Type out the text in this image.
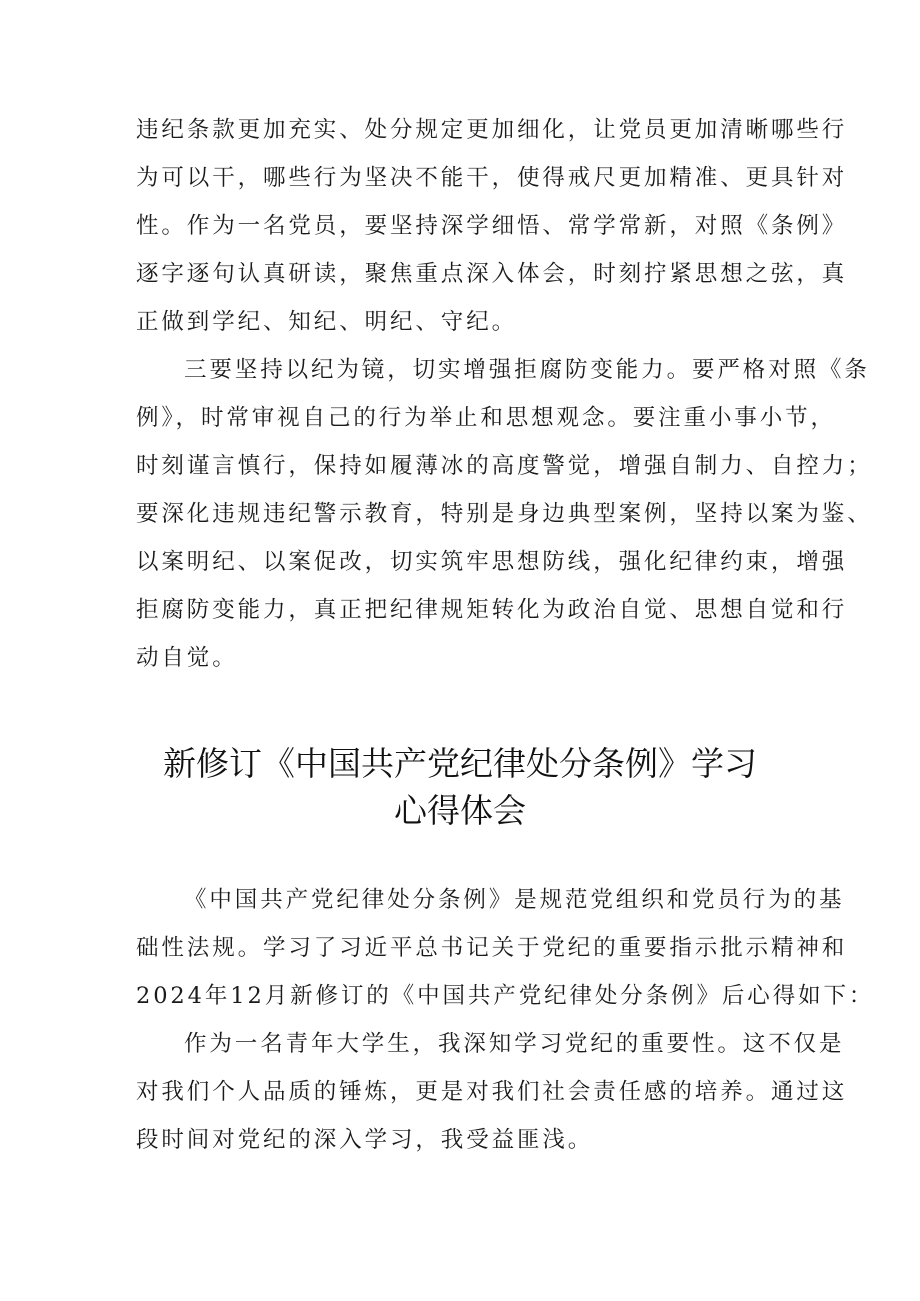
违纪条款更加充实、处分规定更加细化，让党员更加清晰哪些行
为可以干，哪些行为坚决不能干，使得戒尺更加精准、更具针对
性。作为一名党员，要坚持深学细悟、常学常新，对照《条例》
逐字逐句认真研读，聚焦重点深入体会，时刻拧紧思想之弦，真
正做到学纪、知纪、明纪、守纪。
三要坚持以纪为镜，切实增强拒腐防变能力。要严格对照《条
例》，时常审视自己的行为举止和思想观念。要注重小事小节，
时刻谨言慎行，保持如履薄冰的高度警觉，增强自制力、自控力；
要深化违规违纪警示教育，特别是身边典型案例，坚持以案为鉴、
以案明纪、以案促改，切实筑牢思想防线，强化纪律约束，增强
拒腐防变能力，真正把纪律规矩转化为政治自觉、思想自觉和行
动自觉。
新修订《中国共产党纪律处分条例》学习
心得体会
《中国共产党纪律处分条例》是规范党组织和党员行为的基
础性法规。学习了习近平总书记关于党纪的重要指示批示精神和
2024年12月新修订的《中国共产党纪律处分条例》后心得如下：
作为一名青年大学生，我深知学习党纪的重要性。这不仅是
对我们个人品质的锤炼，更是对我们社会责任感的培养。通过这
段时间对党纪的深入学习，我受益匪浅。
